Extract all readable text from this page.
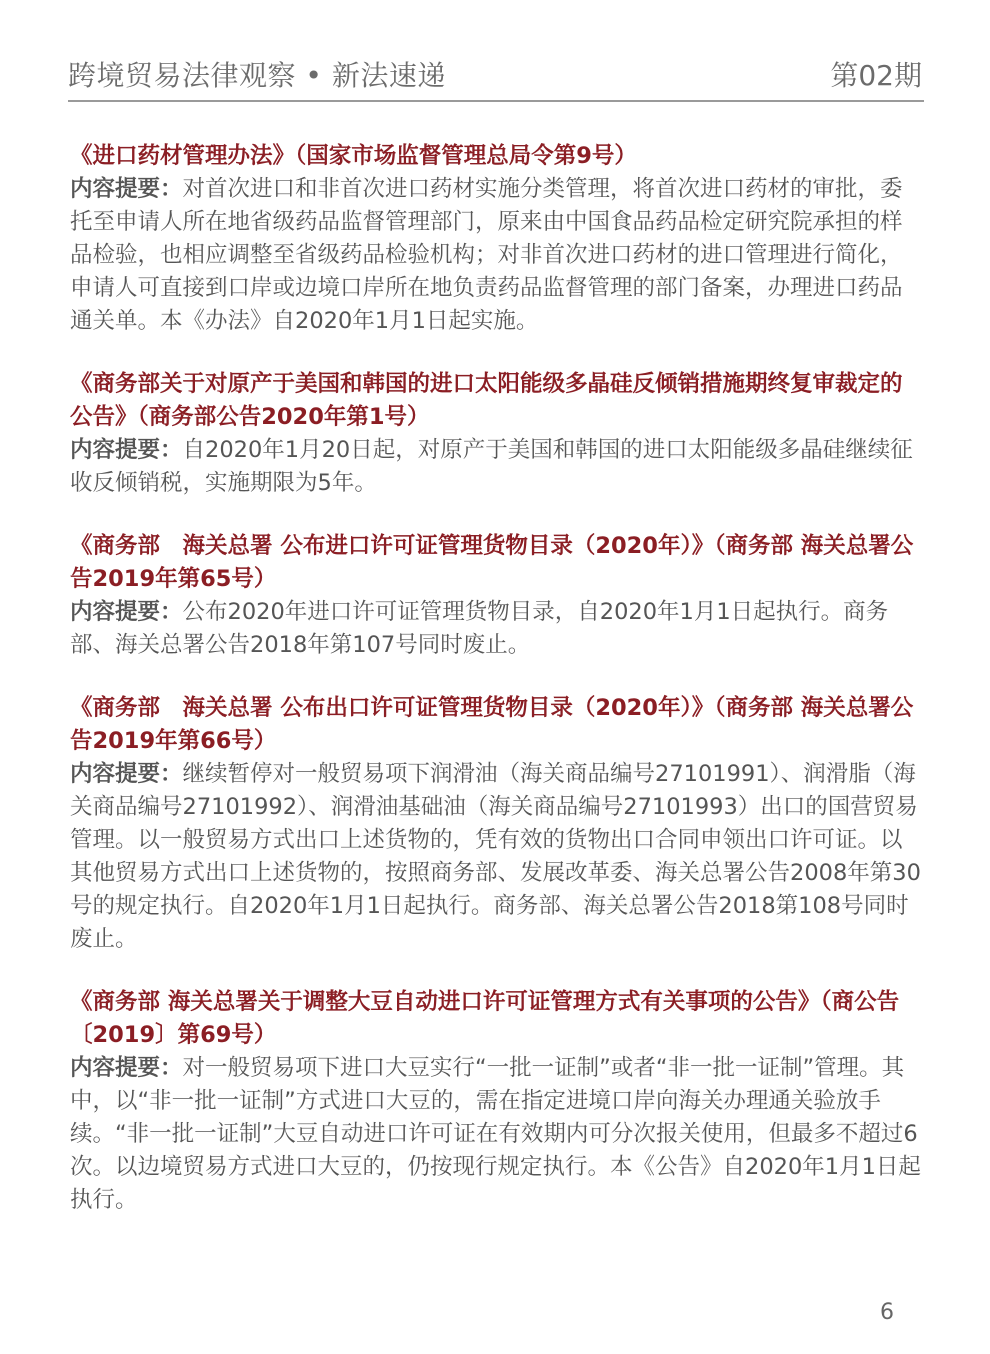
跨境贸易法律观察 • 新法速递	第02期

《进口药材管理办法》（国家市场监督管理总局令第9号）

内容提要：对首次进口和非首次进口药材实施分类管理，将首次进口药材的审批，委托至申请人所在地省级药品监督管理部门，原来由中国食品药品检定研究院承担的样品检验，也相应调整至省级药品检验机构；对非首次进口药材的进口管理进行简化，申请人可直接到口岸或边境口岸所在地负责药品监督管理的部门备案，办理进口药品通关单。本《办法》自2020年1月1日起实施。

《商务部关于对原产于美国和韩国的进口太阳能级多晶硅反倾销措施期终复审裁定的公告》（商务部公告2020年第1号）

内容提要：自2020年1月20日起，对原产于美国和韩国的进口太阳能级多晶硅继续征收反倾销税，实施期限为5年。

《商务部　海关总署 公布进口许可证管理货物目录（2020年）》（商务部 海关总署公告2019年第65号）

内容提要：公布2020年进口许可证管理货物目录，自2020年1月1日起执行。商务部、海关总署公告2018年第107号同时废止。

《商务部　海关总署 公布出口许可证管理货物目录（2020年）》（商务部 海关总署公告2019年第66号）

内容提要：继续暂停对一般贸易项下润滑油（海关商品编号27101991）、润滑脂（海关商品编号27101992）、润滑油基础油（海关商品编号27101993）出口的国营贸易管理。以一般贸易方式出口上述货物的，凭有效的货物出口合同申领出口许可证。以其他贸易方式出口上述货物的，按照商务部、发展改革委、海关总署公告2008年第30号的规定执行。自2020年1月1日起执行。商务部、海关总署公告2018第108号同时废止。

《商务部 海关总署关于调整大豆自动进口许可证管理方式有关事项的公告》（商公告〔2019〕第69号）

内容提要：对一般贸易项下进口大豆实行“一批一证制”或者“非一批一证制”管理。其中，以“非一批一证制”方式进口大豆的，需在指定进境口岸向海关办理通关验放手续。“非一批一证制”大豆自动进口许可证在有效期内可分次报关使用，但最多不超过6次。以边境贸易方式进口大豆的，仍按现行规定执行。本《公告》自2020年1月1日起执行。

6
